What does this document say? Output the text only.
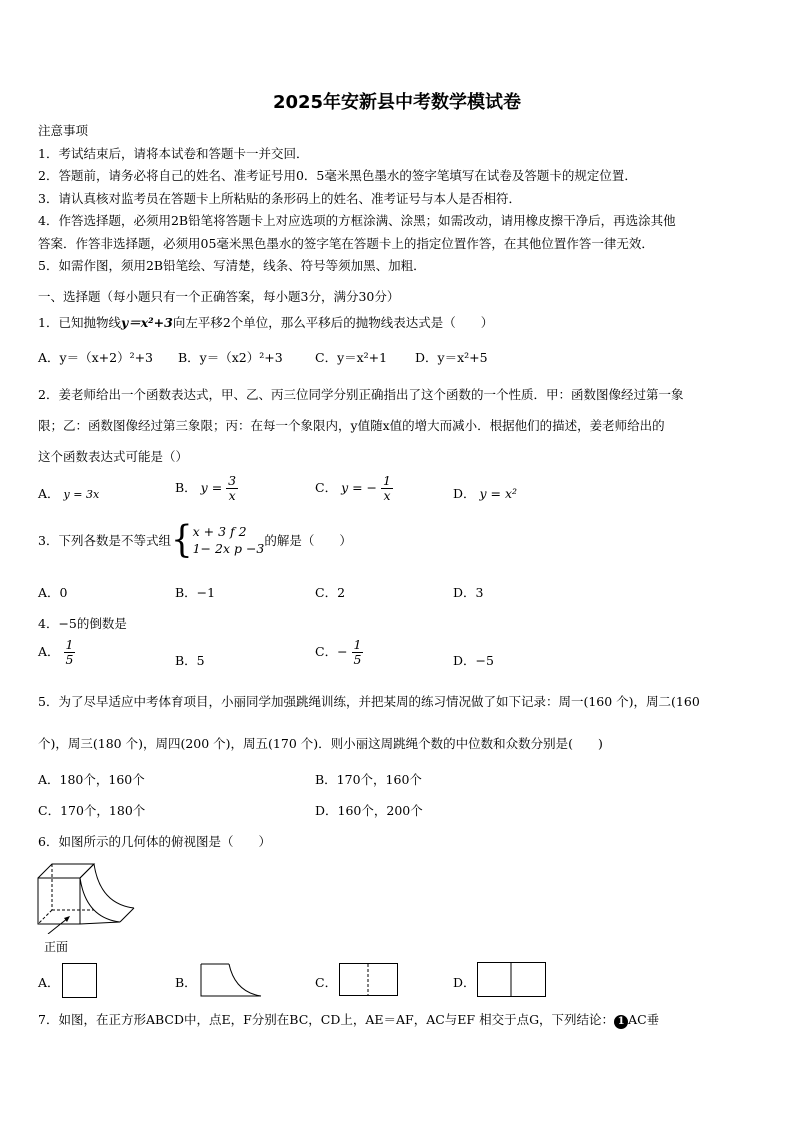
2025年安新县中考数学模试卷
注意事项
1．考试结束后，请将本试卷和答题卡一并交回．
2．答题前，请务必将自己的姓名、准考证号用0．5毫米黑色墨水的签字笔填写在试卷及答题卡的规定位置．
3．请认真核对监考员在答题卡上所粘贴的条形码上的姓名、准考证号与本人是否相符．
4．作答选择题，必须用2B铅笔将答题卡上对应选项的方框涂满、涂黑；如需改动，请用橡皮擦干净后，再选涂其他
答案．作答非选择题，必须用05毫米黑色墨水的签字笔在答题卡上的指定位置作答，在其他位置作答一律无效．
5．如需作图，须用2B铅笔绘、写清楚，线条、符号等须加黑、加粗．
一、选择题（每小题只有一个正确答案，每小题3分，满分30分）
1．已知抛物线y＝x²+3向左平移2个单位，那么平移后的抛物线表达式是（　　）
A．y＝（x+2）²+3 B．y＝（x2）²+3	C．y＝x²+1 D．y＝x²+5
2．姜老师给出一个函数表达式，甲、乙、丙三位同学分别正确指出了这个函数的一个性质．甲：函数图像经过第一象
限；乙：函数图像经过第三象限；丙：在每一个象限内，y值随x值的增大而减小．根据他们的描述，姜老师给出的
这个函数表达式可能是（）
A． y = 3x	B． $y = \frac{3}{x}$	C． y = − $\frac{1}{x}$	D． y = x²
3．下列各数是不等式组{ x + 3 f 2
1− 2x p −3
的解是（　　）
A．0	B．−1	C．2	D．3
4．−5的倒数是
A． $\frac{1}{5}$	B．5
C．− $\frac{1}{5}$	D．−5
5．为了尽早适应中考体育项目，小丽同学加强跳绳训练，并把某周的练习情况做了如下记录：周一(160 个)，周二(160
个)，周三(180 个)，周四(200 个)，周五(170 个)．则小丽这周跳绳个数的中位数和众数分别是(　　)
A．180个，160个	B．170个，160个
C．170个，180个	D．160个，200个
6．如图所示的几何体的俯视图是（　　）
正面
A．	B．	C．	D．
7．如图，在正方形ABCD中，点E，F分别在BC，CD上，AE＝AF，AC与EF 相交于点G，下列结论： 1 AC垂
